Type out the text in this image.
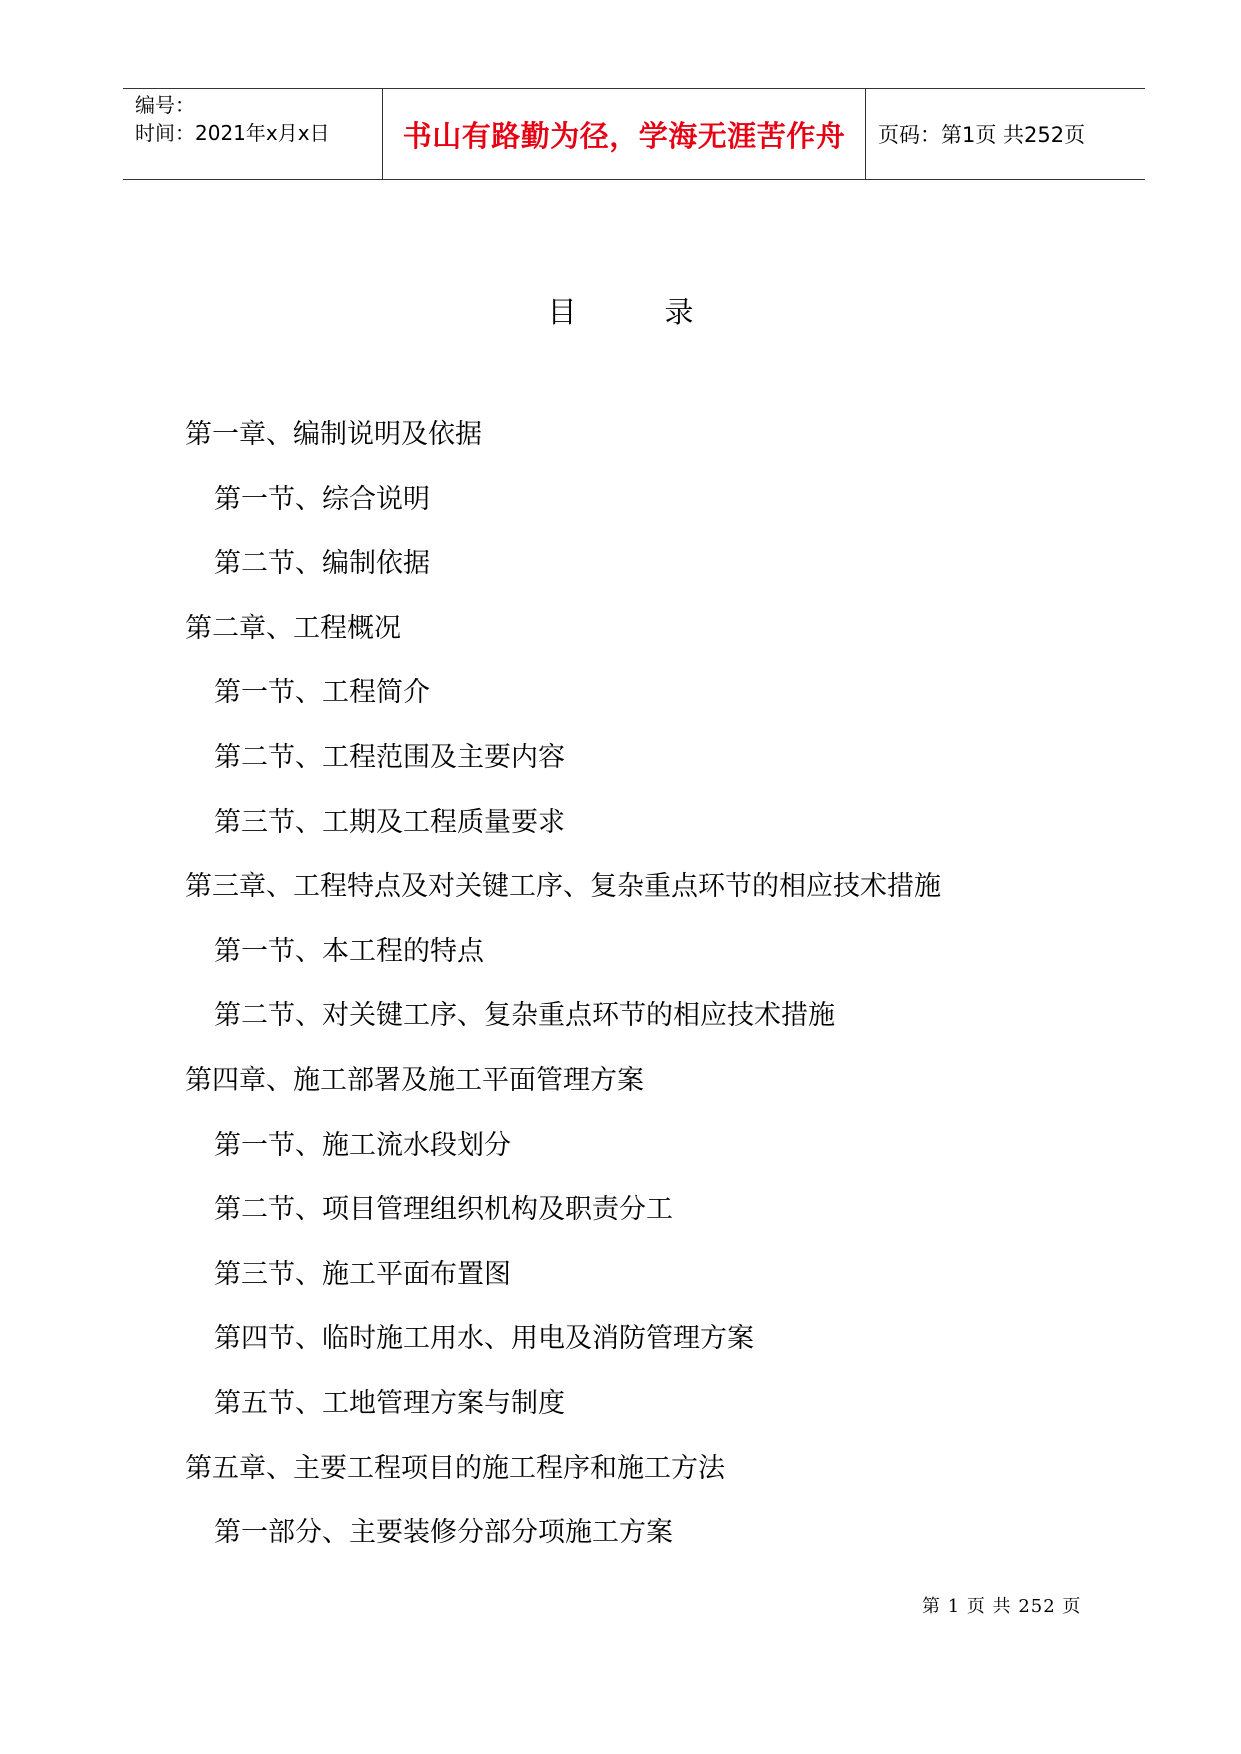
编号：
时间：2021年x月x日	书山有路勤为径，学海无涯苦作舟	页码：第1页 共252页
目	录
第一章、编制说明及依据
第一节、综合说明
第二节、编制依据
第二章、工程概况
第一节、工程简介
第二节、工程范围及主要内容
第三节、工期及工程质量要求
第三章、工程特点及对关键工序、复杂重点环节的相应技术措施
第一节、本工程的特点
第二节、对关键工序、复杂重点环节的相应技术措施
第四章、施工部署及施工平面管理方案
第一节、施工流水段划分
第二节、项目管理组织机构及职责分工
第三节、施工平面布置图
第四节、临时施工用水、用电及消防管理方案
第五节、工地管理方案与制度
第五章、主要工程项目的施工程序和施工方法
第一部分、主要装修分部分项施工方案
第 1 页 共 252 页
